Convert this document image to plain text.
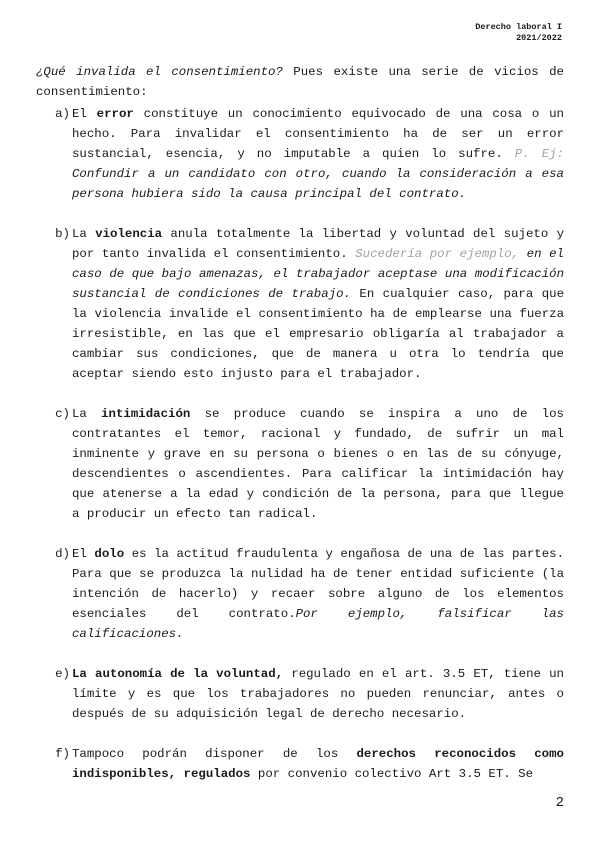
Derecho laboral I
2021/2022

¿Qué invalida el consentimiento? Pues existe una serie de vicios de consentimiento:

a) El error constituye un conocimiento equivocado de una cosa o un hecho. Para invalidar el consentimiento ha de ser un error sustancial, esencia, y no imputable a quien lo sufre. P. Ej: Confundir a un candidato con otro, cuando la consideración a esa persona hubiera sido la causa principal del contrato.
b) La violencia anula totalmente la libertad y voluntad del sujeto y por tanto invalida el consentimiento. Sucedería por ejemplo, en el caso de que bajo amenazas, el trabajador aceptase una modificación sustancial de condiciones de trabajo. En cualquier caso, para que la violencia invalide el consentimiento ha de emplearse una fuerza irresistible, en las que el empresario obligaría al trabajador a cambiar sus condiciones, que de manera u otra lo tendría que aceptar siendo esto injusto para el trabajador.
c) La intimidación se produce cuando se inspira a uno de los contratantes el temor, racional y fundado, de sufrir un mal inminente y grave en su persona o bienes o en las de su cónyuge, descendientes o ascendientes. Para calificar la intimidación hay que atenerse a la edad y condición de la persona, para que llegue a producir un efecto tan radical.
d) El dolo es la actitud fraudulenta y engañosa de una de las partes. Para que se produzca la nulidad ha de tener entidad suficiente (la intención de hacerlo) y recaer sobre alguno de los elementos esenciales del contrato.Por ejemplo, falsificar las calificaciones.
e) La autonomía de la voluntad, regulado en el art. 3.5 ET, tiene un límite y es que los trabajadores no pueden renunciar, antes o después de su adquisición legal de derecho necesario.
f) Tampoco podrán disponer de los derechos reconocidos como indisponibles, regulados por convenio colectivo Art 3.5 ET. Se
2
